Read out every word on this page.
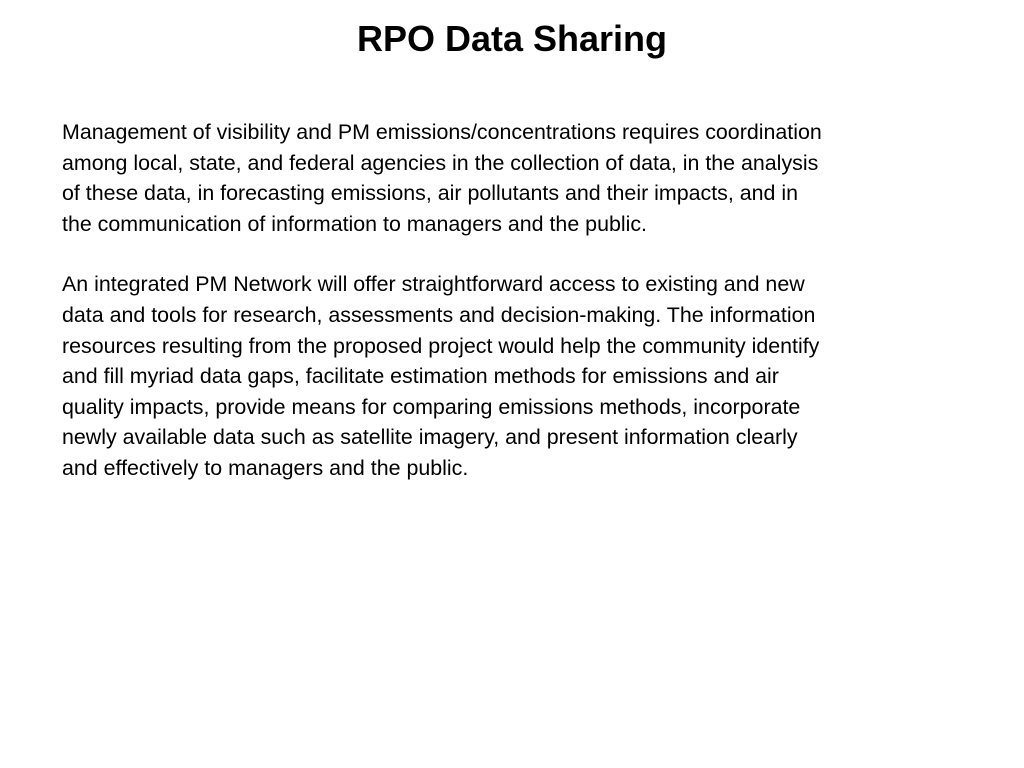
RPO Data Sharing

Management of visibility and PM emissions/concentrations requires coordination
among local, state, and federal agencies in the collection of data, in the analysis
of these data, in forecasting emissions, air pollutants and their impacts, and in
the communication of information to managers and the public.

An integrated PM Network will offer straightforward access to existing and new
data and tools for research, assessments and decision-making. The information
resources resulting from the proposed project would help the community identify
and fill myriad data gaps, facilitate estimation methods for emissions and air
quality impacts, provide means for comparing emissions methods, incorporate
newly available data such as satellite imagery, and present information clearly
and effectively to managers and the public.
